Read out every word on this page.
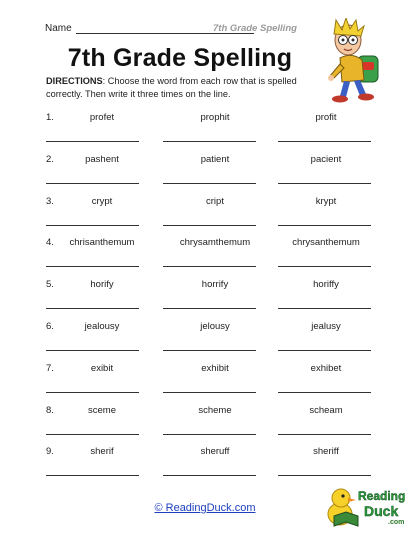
Name	7th Grade Spelling
7th Grade Spelling
DIRECTIONS: Choose the word from each row that is spelled correctly. Then write it three times on the line.
1.	profet	prophit	profit
2.	pashent	patient	pacient
3.	crypt	cript	krypt
4.	chrisanthemum	chrysamthemum	chrysanthemum
5.	horify	horrify	horiffy
6.	jealousy	jelousy	jealusy
7.	exibit	exhibit	exhibet
8.	sceme	scheme	scheam
9.	sherif	sheruff	sheriff
© ReadingDuck.com
Reading
Duck
.com
